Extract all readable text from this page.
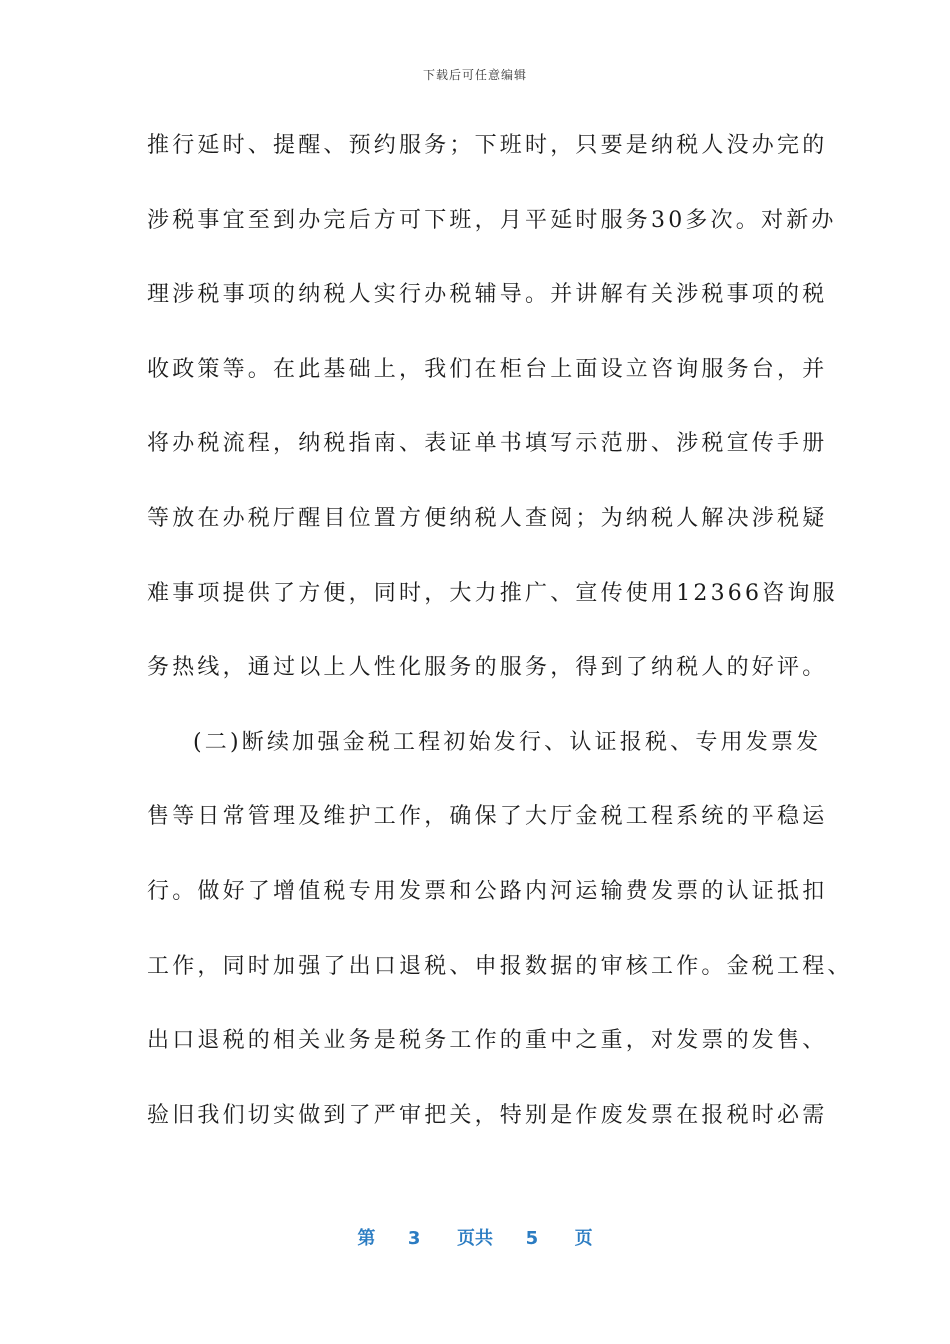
下载后可任意编辑
推行延时、提醒、预约服务；下班时，只要是纳税人没办完的
涉税事宜至到办完后方可下班，月平延时服务30多次。对新办
理涉税事项的纳税人实行办税辅导。并讲解有关涉税事项的税
收政策等。在此基础上，我们在柜台上面设立咨询服务台，并
将办税流程，纳税指南、表证单书填写示范册、涉税宣传手册
等放在办税厅醒目位置方便纳税人查阅；为纳税人解决涉税疑
难事项提供了方便，同时，大力推广、宣传使用12366咨询服
务热线，通过以上人性化服务的服务，得到了纳税人的好评。
(二)断续加强金税工程初始发行、认证报税、专用发票发
售等日常管理及维护工作，确保了大厅金税工程系统的平稳运
行。做好了增值税专用发票和公路内河运输费发票的认证抵扣
工作，同时加强了出口退税、申报数据的审核工作。金税工程、
出口退税的相关业务是税务工作的重中之重，对发票的发售、
验旧我们切实做到了严审把关，特别是作废发票在报税时必需
第 3 页共 5 页
